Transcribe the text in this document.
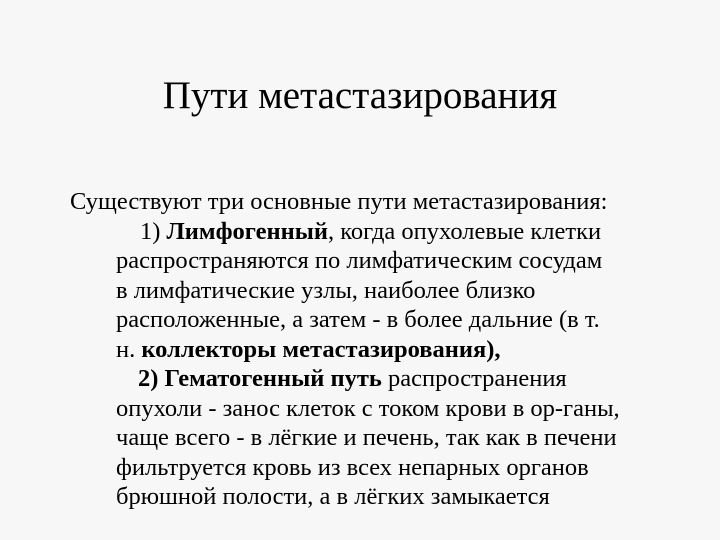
Пути метастазирования
Существуют три основные пути метастазирования:
1) Лимфогенный, когда опухолевые клетки
распространяются по лимфатическим сосудам
в лимфатические узлы, наиболее близко
расположенные, а затем - в более дальние (в т.
н. коллекторы метастазирования),
2) Гематогенный путь распространения
опухоли - занос клеток с током крови в ор-ганы,
чаще всего - в лёгкие и печень, так как в печени
фильтруется кровь из всех непарных органов
брюшной полости, а в лёгких замыкается
